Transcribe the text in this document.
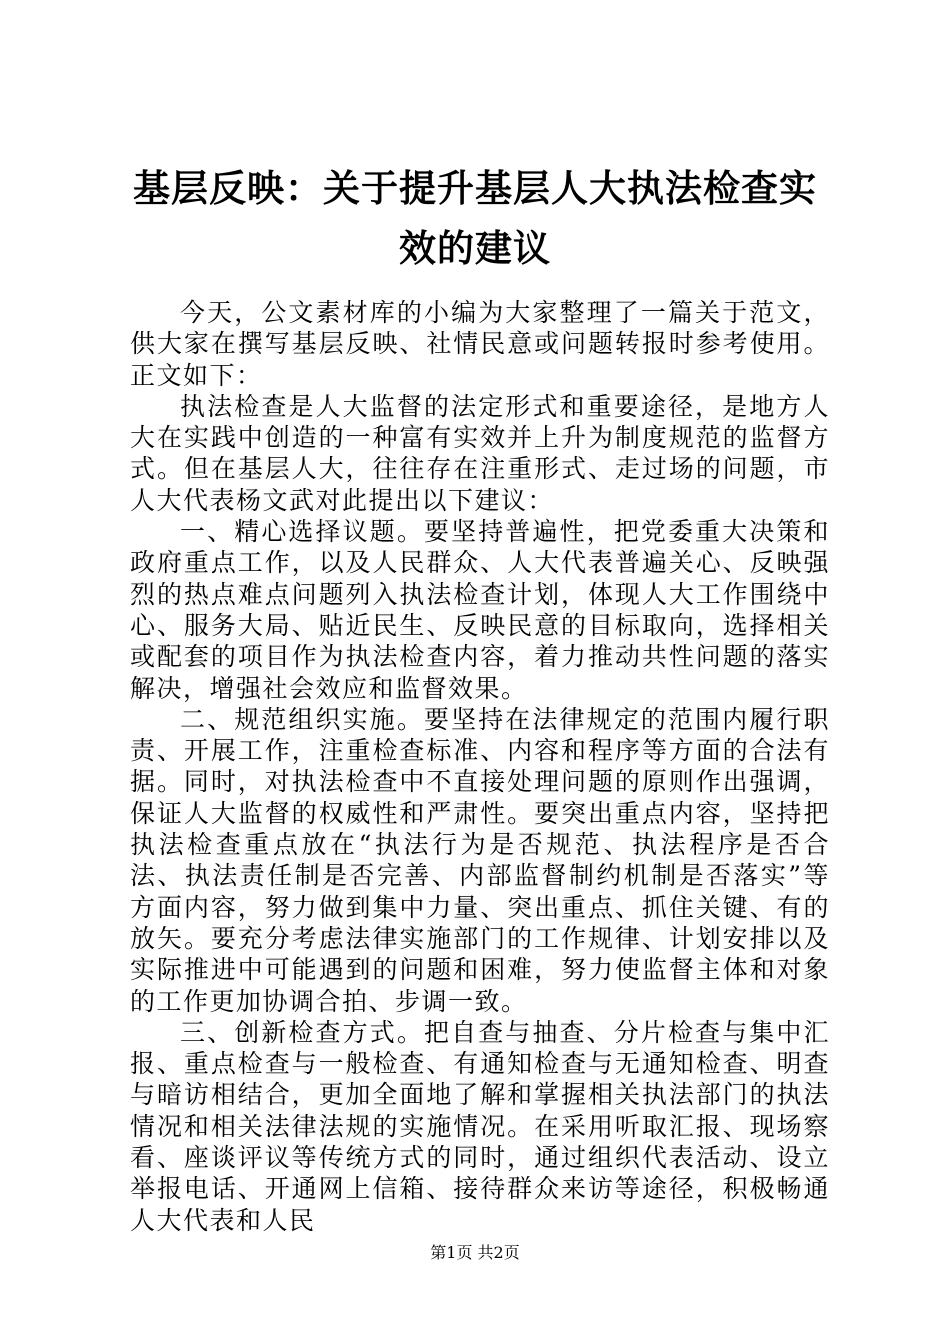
基层反映：关于提升基层人大执法检查实效的建议

今天，公文素材库的小编为大家整理了一篇关于范文，供大家在撰写基层反映、社情民意或问题转报时参考使用。正文如下：

执法检查是人大监督的法定形式和重要途径，是地方人大在实践中创造的一种富有实效并上升为制度规范的监督方式。但在基层人大，往往存在注重形式、走过场的问题，市人大代表杨文武对此提出以下建议：

一、精心选择议题。要坚持普遍性，把党委重大决策和政府重点工作，以及人民群众、人大代表普遍关心、反映强烈的热点难点问题列入执法检查计划，体现人大工作围绕中心、服务大局、贴近民生、反映民意的目标取向，选择相关或配套的项目作为执法检查内容，着力推动共性问题的落实解决，增强社会效应和监督效果。

二、规范组织实施。要坚持在法律规定的范围内履行职责、开展工作，注重检查标准、内容和程序等方面的合法有据。同时，对执法检查中不直接处理问题的原则作出强调，保证人大监督的权威性和严肃性。要突出重点内容，坚持把执法检查重点放在“执法行为是否规范、执法程序是否合法、执法责任制是否完善、内部监督制约机制是否落实”等方面内容，努力做到集中力量、突出重点、抓住关键、有的放矢。要充分考虑法律实施部门的工作规律、计划安排以及实际推进中可能遇到的问题和困难，努力使监督主体和对象的工作更加协调合拍、步调一致。

三、创新检查方式。把自查与抽查、分片检查与集中汇报、重点检查与一般检查、有通知检查与无通知检查、明查与暗访相结合，更加全面地了解和掌握相关执法部门的执法情况和相关法律法规的实施情况。在采用听取汇报、现场察看、座谈评议等传统方式的同时，通过组织代表活动、设立举报电话、开通网上信箱、接待群众来访等途径，积极畅通人大代表和人民

第1页 共2页
